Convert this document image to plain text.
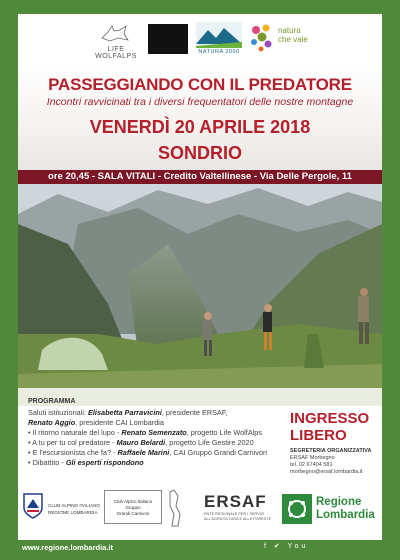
LIFE WOLFALPS
NATURA 2000
natura
che vale
PASSEGGIANDO CON IL PREDATORE
Incontri ravvicinati tra i diversi frequentatori delle nostre montagne
VENERDÌ 20 APRILE 2018
SONDRIO
ore 20,45 - SALA VITALI - Credito Valtellinese - Via Delle Pergole, 11
PROGRAMMA
Saluti istituzionali: Elisabetta Parravicini, presidente ERSAF,
Renato Aggio, presidente CAI Lombardia
• Il ritorno naturale del lupo - Renato Semenzato, progetto Life WolfAlps
• A tu per tu col predatore - Mauro Belardi, progetto Life Gestire 2020
• E l'escursionista che fa? - Raffaele Marini, CAI Gruppo Grandi Carnivori
• Dibattito - Gli esperti rispondono
INGRESSO
LIBERO
SEGRETERIA ORGANIZZATIVA
ERSAF Morbegno
tel. 02 67404 581
morbegno@ersaf.lombardia.it
CLUB ALPINO ITALIANO
REGIONE LOMBARDIA
Club Alpino Italiano
Gruppo
Grandi Carnivori
ERSAF
ENTE REGIONALE PER I SERVIZI
ALL'AGRICOLTURA E ALLE FORESTE
Regione
Lombardia
www.regione.lombardia.it	f ✔ You
